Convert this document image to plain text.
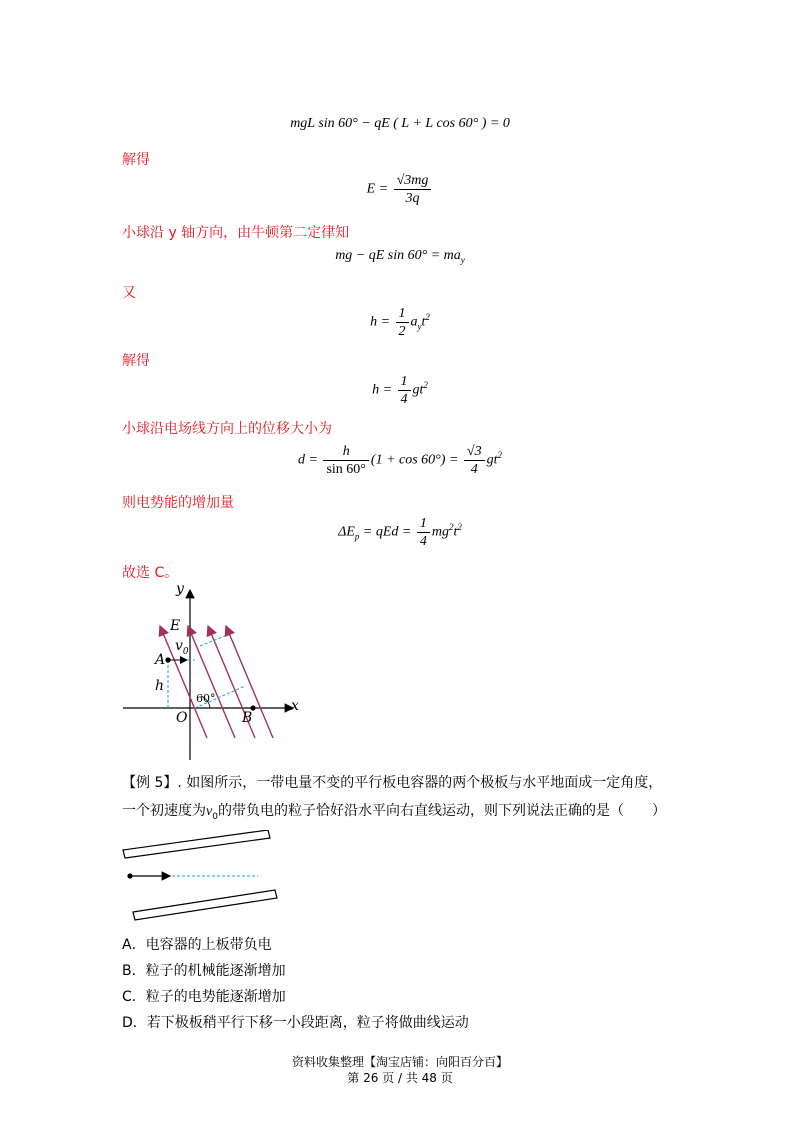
mgL sin 60° − qE ( L + L cos 60° ) = 0
解得
$E = \frac{√3mg}{3q}$
小球沿 y 轴方向，由牛顿第二定律知
mg − qE $\sin 60^\circ = ma_y$
又
$h = \frac{1}{2} a_yt^2$
解得
$h = \frac{1}{4} gt^2$
小球沿电场线方向上的位移大小为
$d = \frac{h}{\sin 60^\circ} (1 + \cos 60^\circ) = \frac{√3}{4} gt^2$
则电势能的增加量
$\Delta E_p$ = qEd = $\frac{1}{4} mg^2t^2$
故选 C。
y
x
E
$v_0$
A
h
60°
O	B
【例 5】. 如图所示，一带电量不变的平行板电容器的两个极板与水平地面成一定角度，
一个初速度为$v_0$的带负电的粒子恰好沿水平向右直线运动，则下列说法正确的是（　　）
A．电容器的上板带负电
B．粒子的机械能逐渐增加
C．粒子的电势能逐渐增加
D．若下极板稍平行下移一小段距离，粒子将做曲线运动
资料收集整理【淘宝店铺：向阳百分百】
第 26 页 / 共 48 页
